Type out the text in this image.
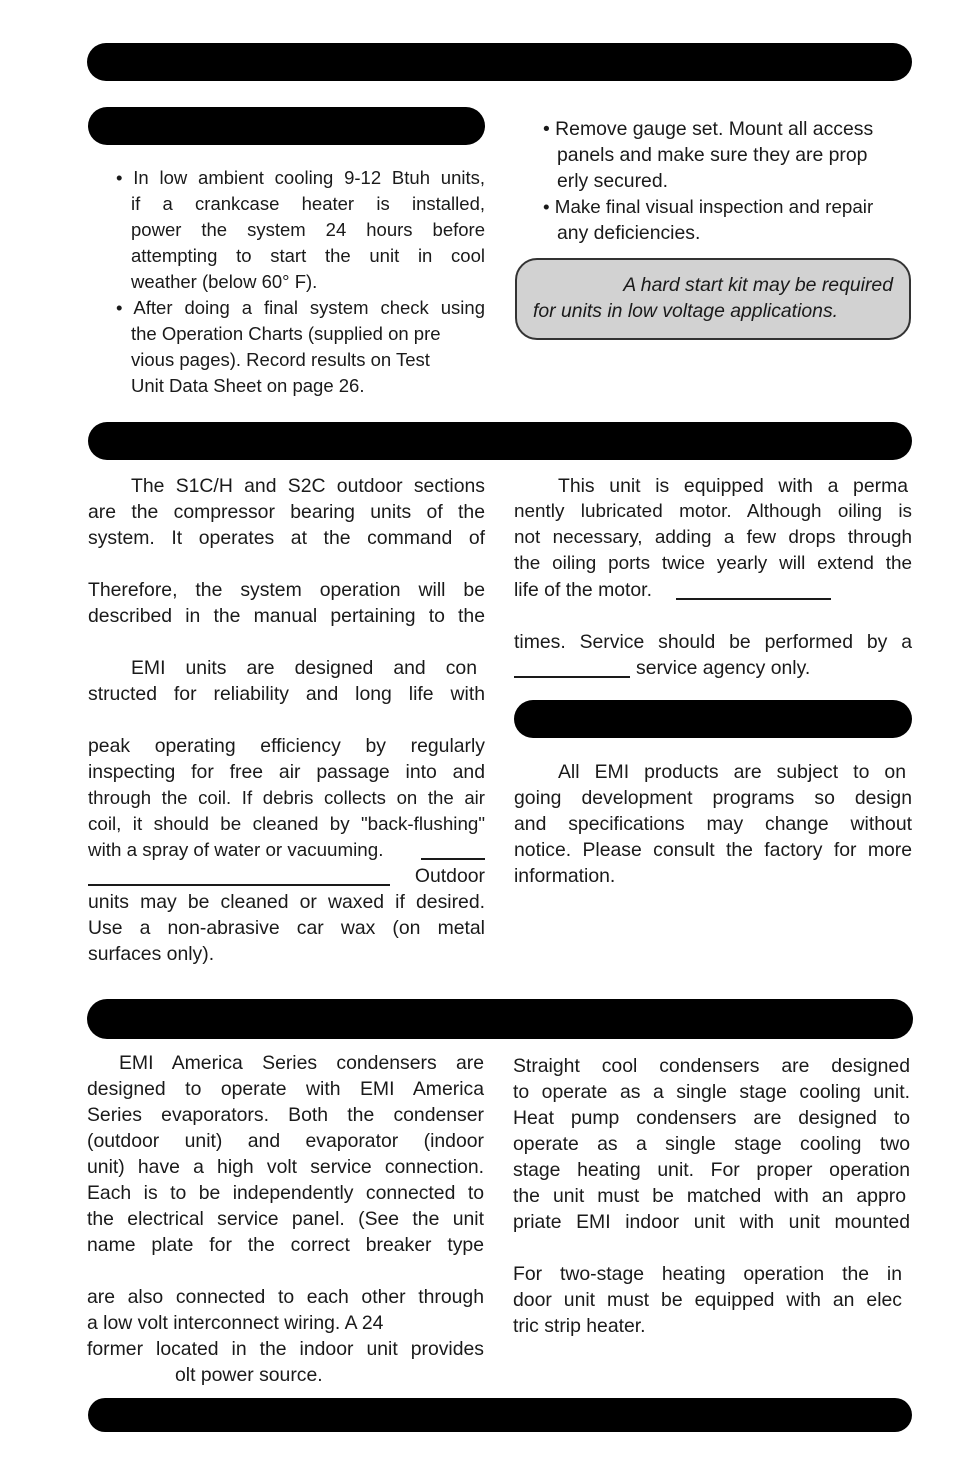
• In low ambient cooling 9-12 Btuh units,

if a crankcase heater is installed,

power the system 24 hours before

attempting to start the unit in cool

weather (below 60° F).

• After doing a final system check using

the Operation Charts (supplied on pre

vious pages). Record results on Test

Unit Data Sheet on page 26.

• Remove gauge set. Mount all access

panels and make sure they are prop

erly secured.

• Make final visual inspection and repair

any deficiencies.

A hard start kit may be required

for units in low voltage applications.

The S1C/H and S2C outdoor sections

are the compressor bearing units of the

system. It operates at the command of

Therefore, the system operation will be

described in the manual pertaining to the

EMI units are designed and con

structed for reliability and long life with

peak operating efficiency by regularly

inspecting for free air passage into and

through the coil. If debris collects on the air

coil, it should be cleaned by "back-flushing"

with a spray of water or vacuuming.

Outdoor

units may be cleaned or waxed if desired.

Use a non-abrasive car wax (on metal

surfaces only).

This unit is equipped with a perma

nently lubricated motor. Although oiling is

not necessary, adding a few drops through

the oiling ports twice yearly will extend the

life of the motor.

times. Service should be performed by a

service agency only.

All EMI products are subject to on

going development programs so design

and specifications may change without

notice. Please consult the factory for more

information.

EMI America Series condensers are

designed to operate with EMI America

Series evaporators. Both the condenser

(outdoor unit) and evaporator (indoor

unit) have a high volt service connection.

Each is to be independently connected to

the electrical service panel. (See the unit

name plate for the correct breaker type

are also connected to each other through

a low volt interconnect wiring. A 24

former located in the indoor unit provides

olt power source.

Straight cool condensers are designed

to operate as a single stage cooling unit.

Heat pump condensers are designed to

operate as a single stage cooling two

stage heating unit. For proper operation

the unit must be matched with an appro

priate EMI indoor unit with unit mounted

For two-stage heating operation the in

door unit must be equipped with an elec

tric strip heater.
